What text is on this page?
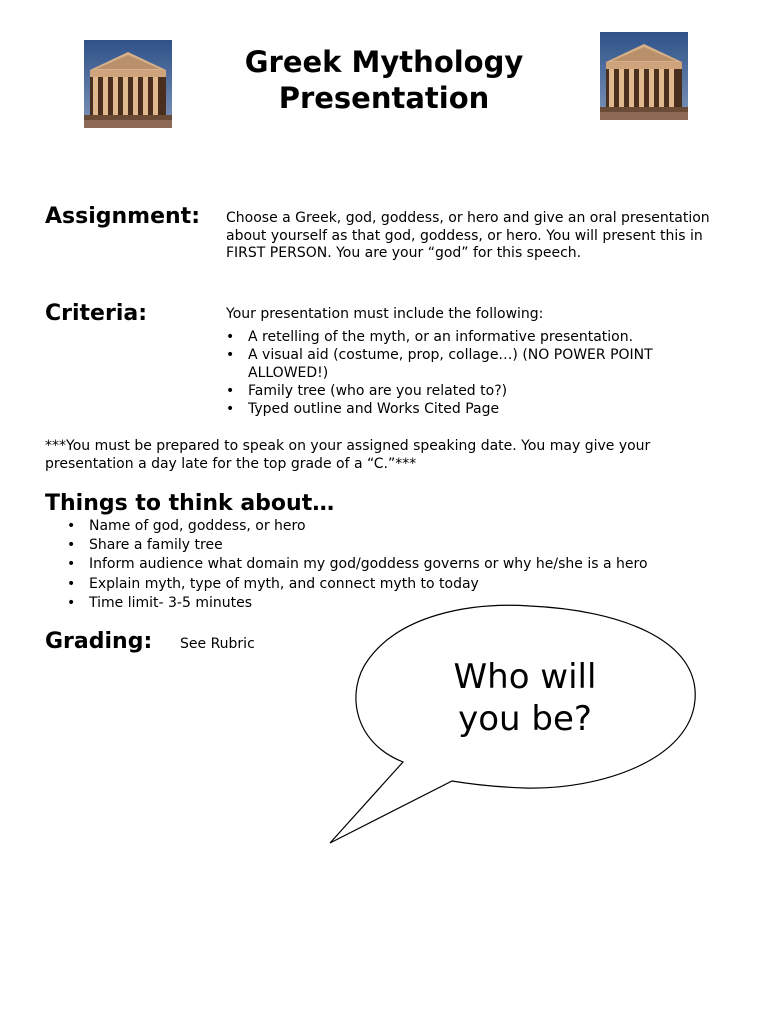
Greek Mythology
Presentation
Assignment: Choose a Greek, god, goddess, or hero and give an oral presentation about yourself as that god, goddess, or hero. You will present this in FIRST PERSON. You are your “god” for this speech.
Criteria:	Your presentation must include the following:
• A retelling of the myth, or an informative presentation.
• A visual aid (costume, prop, collage…) (NO POWER POINT ALLOWED!)
• Family tree (who are you related to?)
• Typed outline and Works Cited Page
***You must be prepared to speak on your assigned speaking date. You may give your presentation a day late for the top grade of a “C.”***
Things to think about…
• Name of god, goddess, or hero
• Share a family tree
• Inform audience what domain my god/goddess governs or why he/she is a hero
• Explain myth, type of myth, and connect myth to today
• Time limit- 3-5 minutes
Grading: See Rubric
Who will
you be?
